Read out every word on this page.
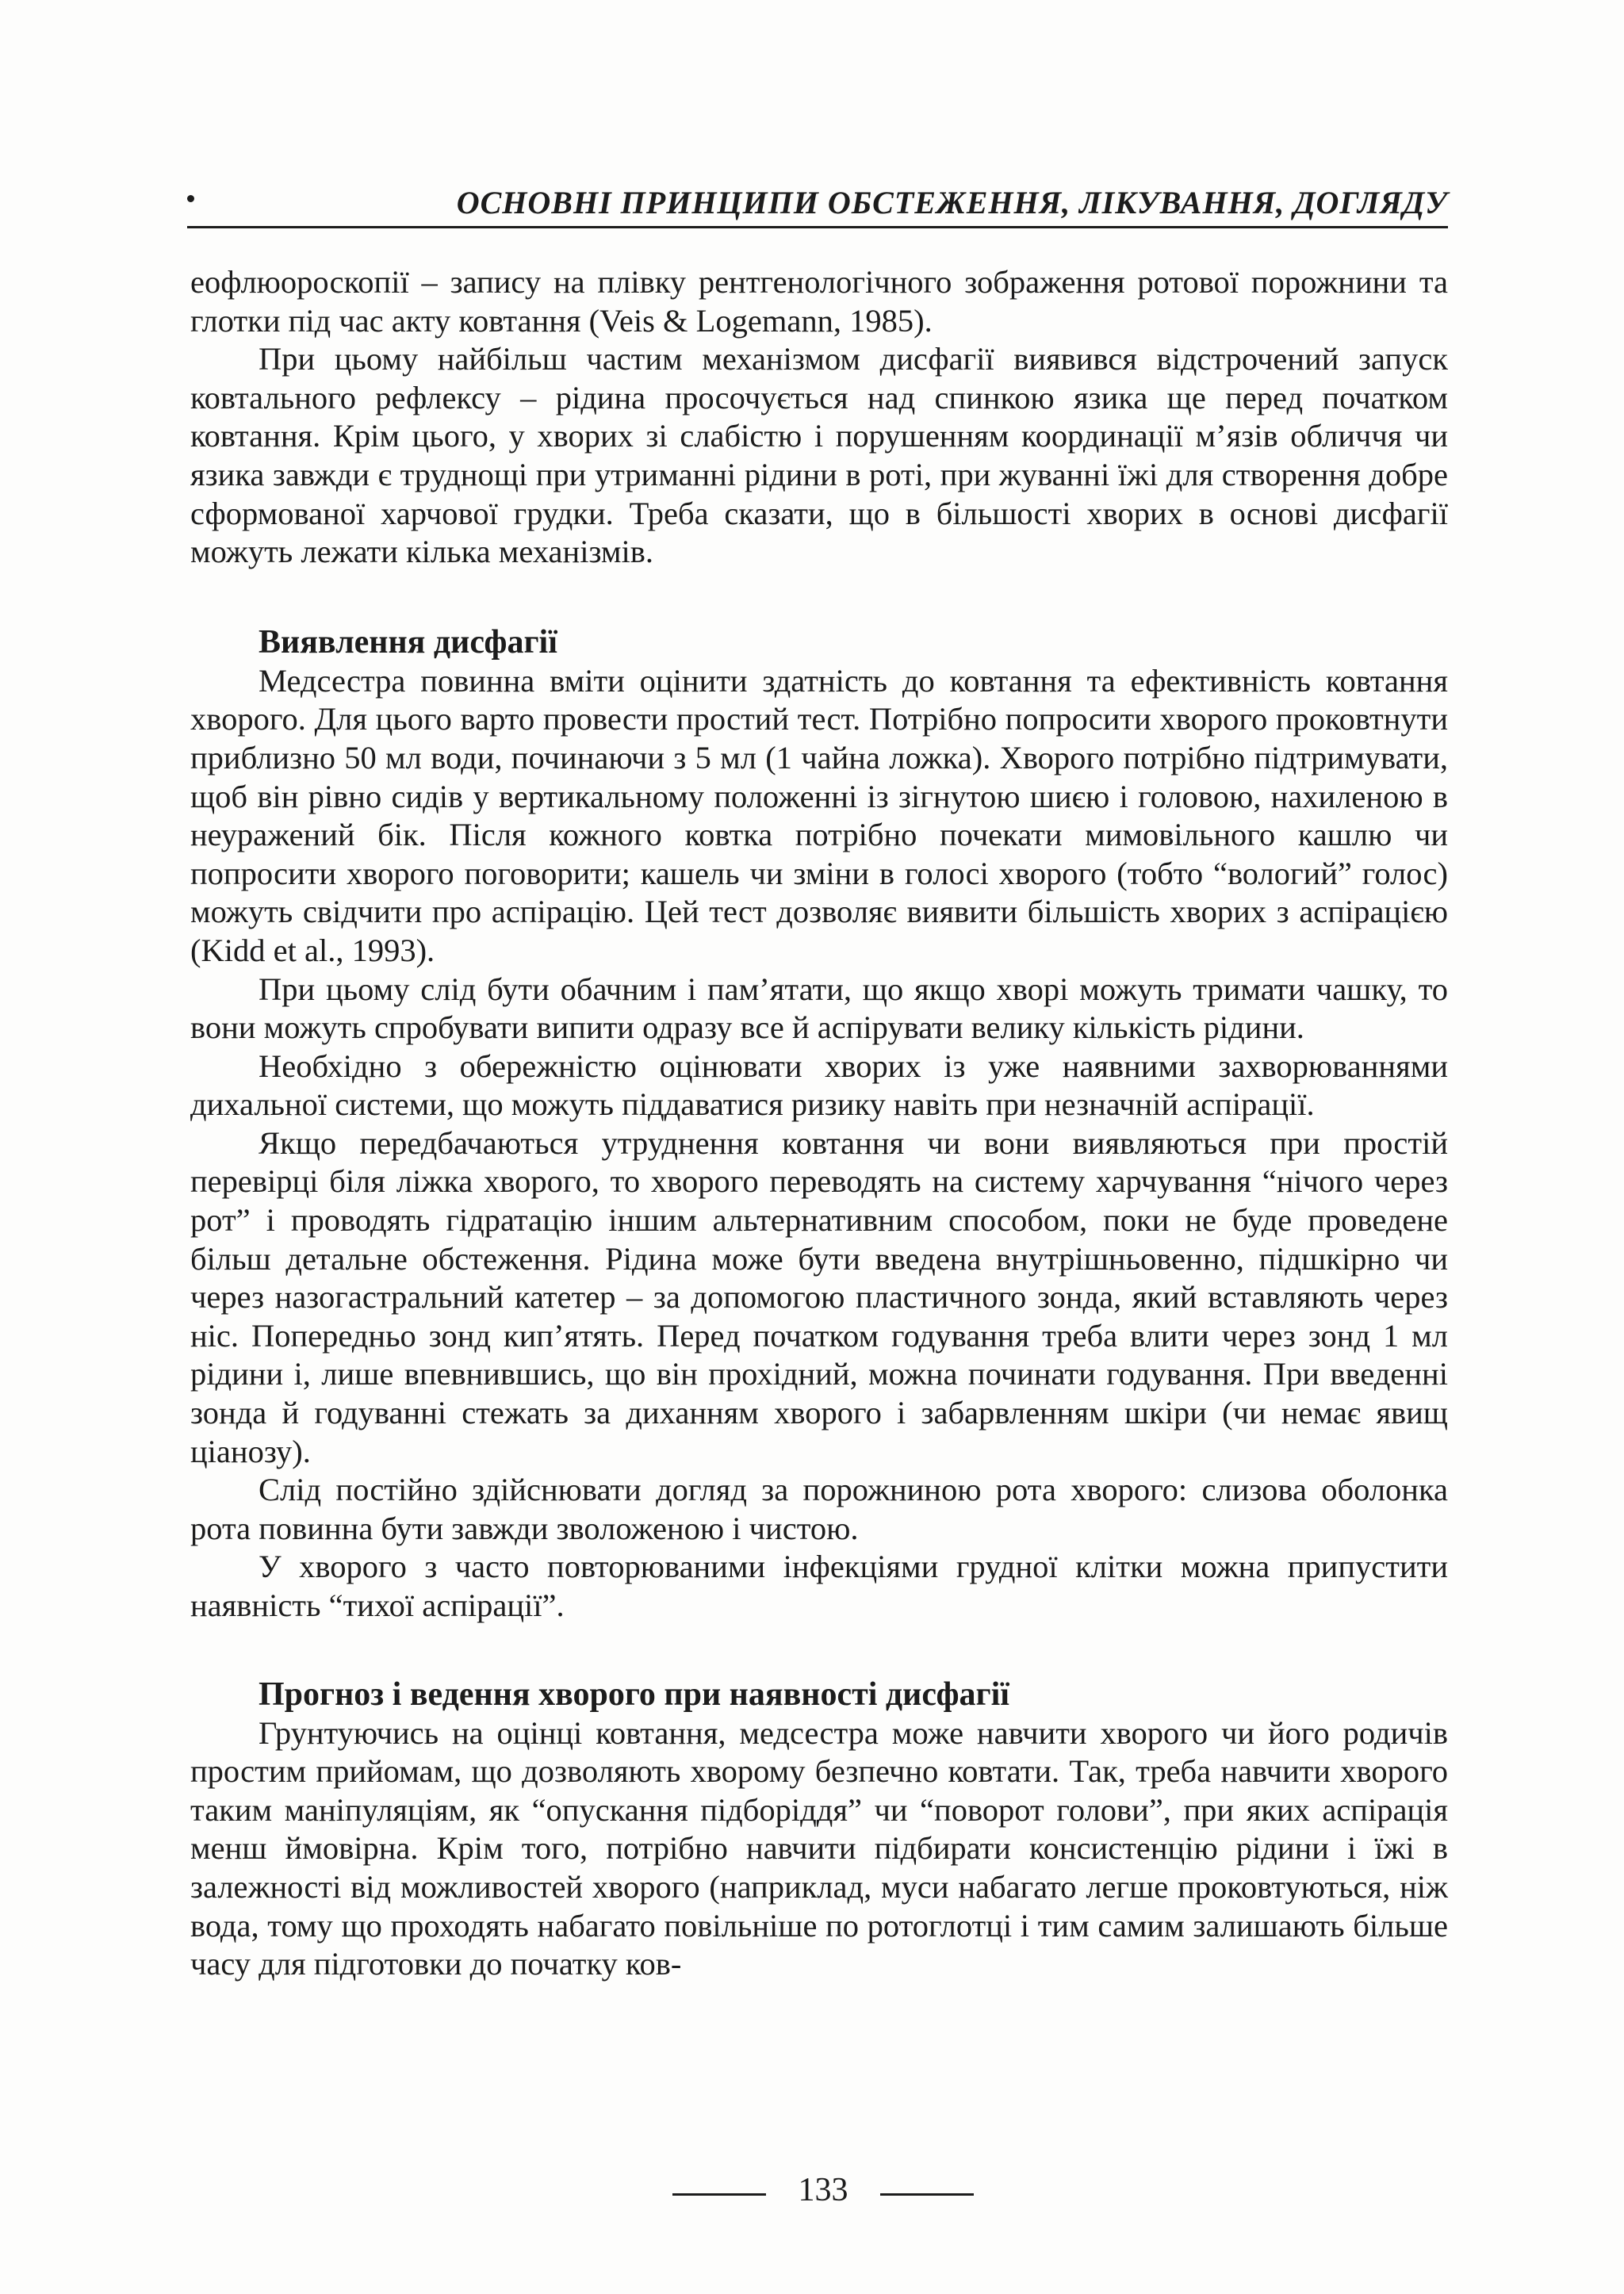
ОСНОВНІ ПРИНЦИПИ ОБСТЕЖЕННЯ, ЛІКУВАННЯ, ДОГЛЯДУ

еофлюороскопії – запису на плівку рентгенологічного зображення ротової порожнини та глотки під час акту ковтання (Veis & Logemann, 1985).

При цьому найбільш частим механізмом дисфагії виявився відстрочений запуск ковтального рефлексу – рідина просочується над спинкою язика ще перед початком ковтання. Крім цього, у хворих зі слабістю і порушенням координації м’язів обличчя чи язика завжди є труднощі при утриманні рідини в роті, при жуванні їжі для створення добре сформованої харчової грудки. Треба сказати, що в більшості хворих в основі дисфагії можуть лежати кілька механізмів.

Виявлення дисфагії

Медсестра повинна вміти оцінити здатність до ковтання та ефективність ковтання хворого. Для цього варто провести простий тест. Потрібно попросити хворого проковтнути приблизно 50 мл води, починаючи з 5 мл (1 чайна ложка). Хворого потрібно підтримувати, щоб він рівно сидів у вертикальному положенні із зігнутою шиєю і головою, нахиленою в неуражений бік. Після кожного ковтка потрібно почекати мимовільного кашлю чи попросити хворого поговорити; кашель чи зміни в голосі хворого (тобто “вологий” голос) можуть свідчити про аспірацію. Цей тест дозволяє виявити більшість хворих з аспірацією (Kidd et al., 1993).

При цьому слід бути обачним і пам’ятати, що якщо хворі можуть тримати чашку, то вони можуть спробувати випити одразу все й аспірувати велику кількість рідини.

Необхідно з обережністю оцінювати хворих із уже наявними захворюваннями дихальної системи, що можуть піддаватися ризику навіть при незначній аспірації.

Якщо передбачаються утруднення ковтання чи вони виявляються при простій перевірці біля ліжка хворого, то хворого переводять на систему харчування “нічого через рот” і проводять гідратацію іншим альтернативним способом, поки не буде проведене більш детальне обстеження. Рідина може бути введена внутрішньовенно, підшкірно чи через назогастральний катетер – за допомогою пластичного зонда, який вставляють через ніс. Попередньо зонд кип’ятять. Перед початком годування треба влити через зонд 1 мл рідини і, лише впевнившись, що він прохідний, можна починати годування. При введенні зонда й годуванні стежать за диханням хворого і забарвленням шкіри (чи немає явищ ціанозу).

Слід постійно здійснювати догляд за порожниною рота хворого: слизова оболонка рота повинна бути завжди зволоженою і чистою.

У хворого з часто повторюваними інфекціями грудної клітки можна припустити наявність “тихої аспірації”.

Прогноз і ведення хворого при наявності дисфагії

Грунтуючись на оцінці ковтання, медсестра може навчити хворого чи його родичів простим прийомам, що дозволяють хворому безпечно ковтати. Так, треба навчити хворого таким маніпуляціям, як “опускання підборіддя” чи “поворот голови”, при яких аспірація менш ймовірна. Крім того, потрібно навчити підбирати консистенцію рідини і їжі в залежності від можливостей хворого (наприклад, муси набагато легше проковтуються, ніж вода, тому що проходять набагато повільніше по ротоглотці і тим самим залишають більше часу для підготовки до початку ков-

133
